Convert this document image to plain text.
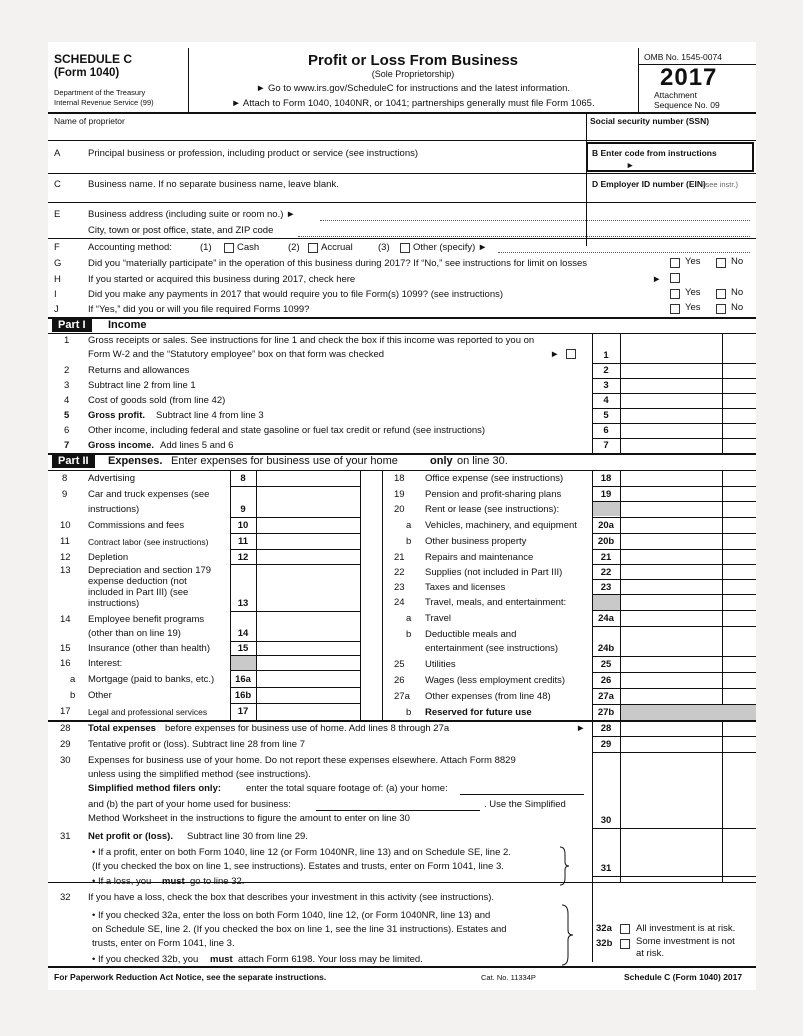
SCHEDULE C
(Form 1040)
Department of the Treasury
Internal Revenue Service (99)
Profit or Loss From Business
(Sole Proprietorship)
► Go to www.irs.gov/ScheduleC for instructions and the latest information.
► Attach to Form 1040, 1040NR, or 1041; partnerships generally must file Form 1065.
OMB No. 1545-0074
2017
Attachment
Sequence No. 09
Name of proprietor	Social security number (SSN)
A	Principal business or profession, including product or service (see instructions)	B Enter code from instructions
►
C	Business name. If no separate business name, leave blank.	D Employer ID number (EIN)
(see instr.)
E	Business address (including suite or room no.) ►
City, town or post office, state, and ZIP code
F	Accounting method:	(1)	Cash	(2) Accrual	(3) Other (specify) ►
G	Did you “materially participate” in the operation of this business during 2017? If “No,” see instructions for limit on losses	Yes	No
H	If you started or acquired this business during 2017, check here	►
I	Did you make any payments in 2017 that would require you to file Form(s) 1099? (see instructions)	Yes	No
J	If “Yes,” did you or will you file required Forms 1099?	Yes	No
Part I	Income
1 Gross receipts or sales. See instructions for line 1 and check the box if this income was reported to you on
Form W-2 and the “Statutory employee” box on that form was checked	►	1
2 Returns and allowances	2
3 Subtract line 2 from line 1	3
4 Cost of goods sold (from line 42)	4
5 Gross profit. Subtract line 4 from line 3	5
6 Other income, including federal and state gasoline or fuel tax credit or refund (see instructions)	6
7 Gross income. Add lines 5 and 6	7
Part II	Expenses. Enter expenses for business use of your home	only on line 30.
8 Advertising	8
9 Car and truck expenses (see
instructions)	9
10 Commissions and fees	10
11 Contract labor (see instructions)	11
12 Depletion	12
13 Depreciation and section 179
expense deduction (not
included in Part III) (see
instructions)	13
14 Employee benefit programs
(other than on line 19)	14
15 Insurance (other than health)	15
16 Interest:
a Mortgage (paid to banks, etc.)	16a
b Other	16b
17 Legal and professional services	17
18 Office expense (see instructions)	18
19 Pension and profit-sharing plans	19
20 Rent or lease (see instructions):
a Vehicles, machinery, and equipment	20a
b Other business property	20b
21 Repairs and maintenance	21
22 Supplies (not included in Part III)	22
23 Taxes and licenses	23
24 Travel, meals, and entertainment:
a Travel	24a
b Deductible meals and
entertainment (see instructions)	24b
25 Utilities	25
26 Wages (less employment credits)	26
27a Other expenses (from line 48)	27a
b Reserved for future use	27b
28 Total expenses before expenses for business use of home. Add lines 8 through 27a	►	28
29 Tentative profit or (loss). Subtract line 28 from line 7	29
30 Expenses for business use of your home. Do not report these expenses elsewhere. Attach Form 8829
unless using the simplified method (see instructions).
Simplified method filers only:	enter the total square footage of: (a) your home:
and (b) the part of your home used for business:	. Use the Simplified
Method Worksheet in the instructions to figure the amount to enter on line 30	30
31 Net profit or (loss). Subtract line 30 from line 29.
• If a profit, enter on both Form 1040, line 12 (or Form 1040NR, line 13) and on Schedule SE, line 2.
(If you checked the box on line 1, see instructions). Estates and trusts, enter on Form 1041, line 3.
• If a loss, you must go to line 32.
31
32 If you have a loss, check the box that describes your investment in this activity (see instructions).
• If you checked 32a, enter the loss on both Form 1040, line 12, (or Form 1040NR, line 13) and
on Schedule SE, line 2. (If you checked the box on line 1, see the line 31 instructions). Estates and
trusts, enter on Form 1041, line 3.
• If you checked 32b, you must attach Form 6198. Your loss may be limited.
32a	All investment is at risk.
32b Some investment is not
at risk.
For Paperwork Reduction Act Notice, see the separate instructions.	Cat. No. 11334P	Schedule C (Form 1040) 2017
